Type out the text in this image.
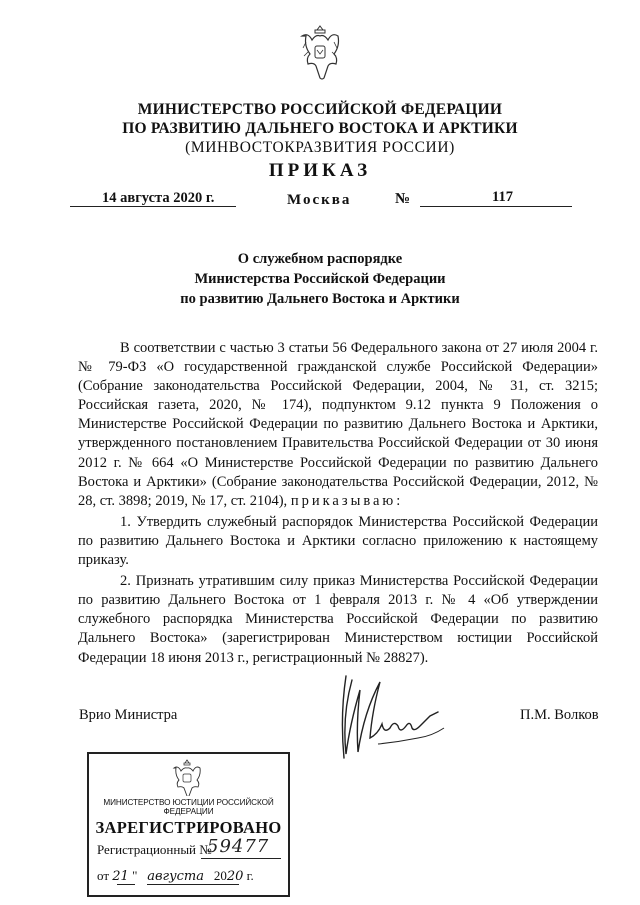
МИНИСТЕРСТВО РОССИЙСКОЙ ФЕДЕРАЦИИ
ПО РАЗВИТИЮ ДАЛЬНЕГО ВОСТОКА И АРКТИКИ
(МИНВОСТОКРАЗВИТИЯ РОССИИ)
ПРИКАЗ
14 августа 2020 г.	Москва	№	117
О служебном распорядке
Министерства Российской Федерации
по развитию Дальнего Востока и Арктики

В соответствии с частью 3 статьи 56 Федерального закона от 27 июля 2004 г. № 79-ФЗ «О государственной гражданской службе Российской Федерации» (Собрание законодательства Российской Федерации, 2004, № 31, ст. 3215; Российская газета, 2020, № 174), подпунктом 9.12 пункта 9 Положения о Министерстве Российской Федерации по развитию Дальнего Востока и Арктики, утвержденного постановлением Правительства Российской Федерации от 30 июня 2012 г. № 664 «О Министерстве Российской Федерации по развитию Дальнего Востока и Арктики» (Собрание законодательства Российской Федерации, 2012, № 28, ст. 3898; 2019, № 17, ст. 2104), приказываю:

1. Утвердить служебный распорядок Министерства Российской Федерации по развитию Дальнего Востока и Арктики согласно приложению к настоящему приказу.

2. Признать утратившим силу приказ Министерства Российской Федерации по развитию Дальнего Востока от 1 февраля 2013 г. № 4 «Об утверждении служебного распорядка Министерства Российской Федерации по развитию Дальнего Востока» (зарегистрирован Министерством юстиции Российской Федерации 18 июня 2013 г., регистрационный № 28827).

Врио Министра	П.М. Волков
МИНИСТЕРСТВО ЮСТИЦИИ РОССИЙСКОЙ ФЕДЕРАЦИИ
ЗАРЕГИСТРИРОВАНО
Регистрационный №
59477
от 21 " августа 2020 г.
